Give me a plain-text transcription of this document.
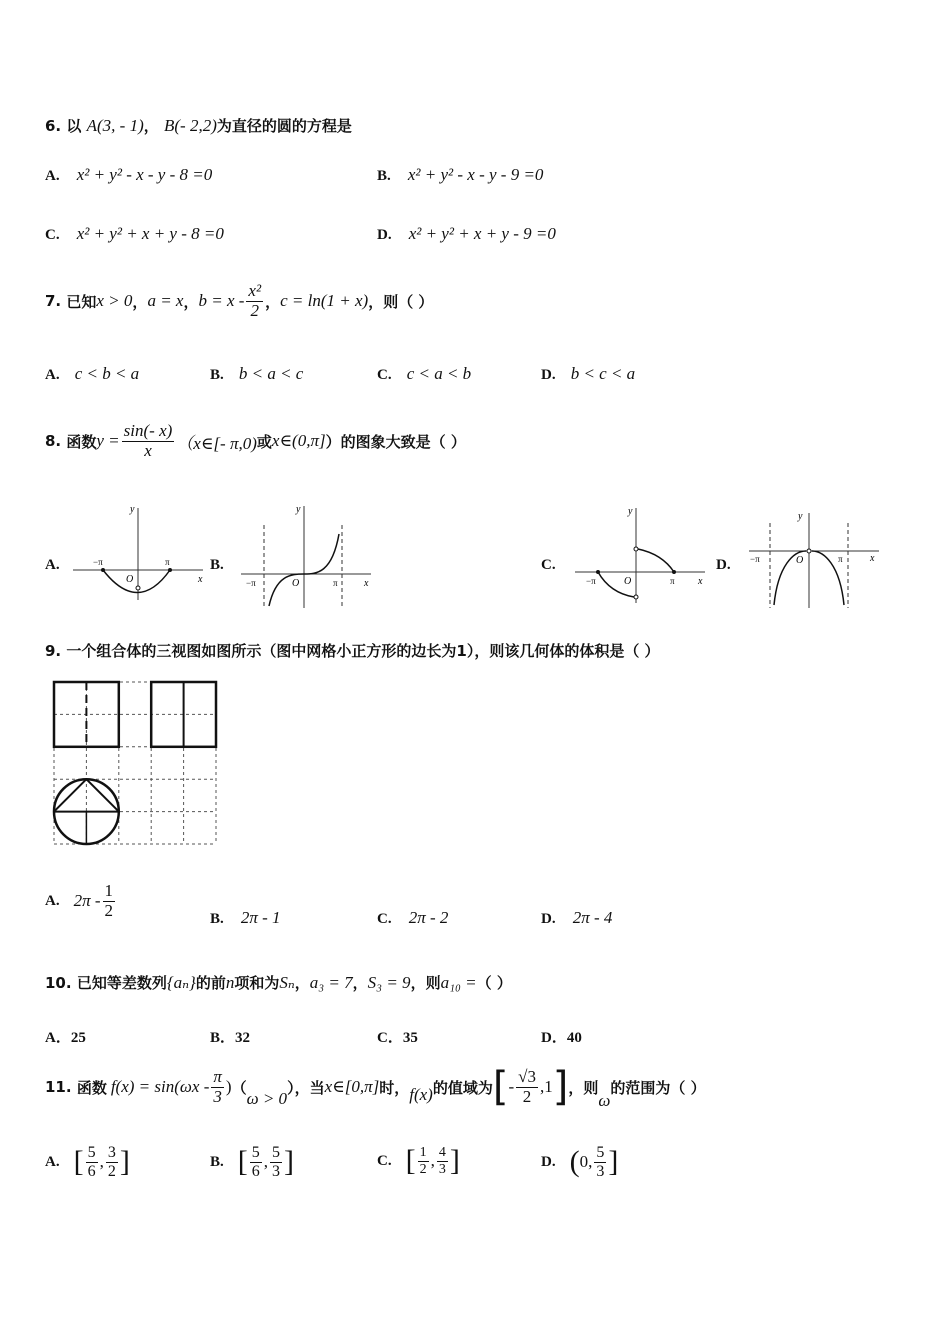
6. 以 A(3, - 1)， B(- 2,2)为直径的圆的方程是
A. x² + y² - x - y - 8 =0	B. x² + y² - x - y - 9 =0
C. x² + y² + x + y - 8 =0	D. x² + y² + x + y - 9 =0
7.
已知 x > 0 ， a = x ， $b = x - \frac{\text{x²}}{2}$ ， c = ln(1 + x) ，则（ ）
A. c < b < a	B. b < a < c	C. c < a < b	D. b < c < a
8.
函数 $y = \frac{\sin(- x)}{x}$ （x∈[- π,0) 或 x∈(0,π] ）的图象大致是（ ）
A.
y
x
O
−π	π	B.
y
x
O
−π	π
C.
y
x
O
−π	π
D.
y
x
O
−π	π
9. 一个组合体的三视图如图所示（图中网格小正方形的边长为1），则该几何体的体积是（ ）
A. $2\pi - \frac{1}{2}$	B. 2π - 1	C. 2π - 2	D. 2π - 4
10.
已知等差数列 {aₙ} 的前 n 项和为 Sₙ ， a₃ = 7 ， S₃ = 9 ，则 a₁₀ = （ ）
A．25	B．32	C．35	D．40
11.
函数 $f(x) = \sin(\omega x - \frac{\pi}{3}$ ) （
ω > 0
），当 x∈[0,π] 时， f(x) 的值域为 [ - $\frac{√3}{2} ,1$ ] ，则
ω
的范围为（ ）
A. [ $\frac{5}{6}$ , $\frac{3}{2}$ ]	B. [ $\frac{5}{6}$ , $\frac{5}{3}$ ]	C. [ $\frac{1}{2}$ , $\frac{4}{3}$ ]	D. ( 0 , $\frac{5}{3}$ ]
